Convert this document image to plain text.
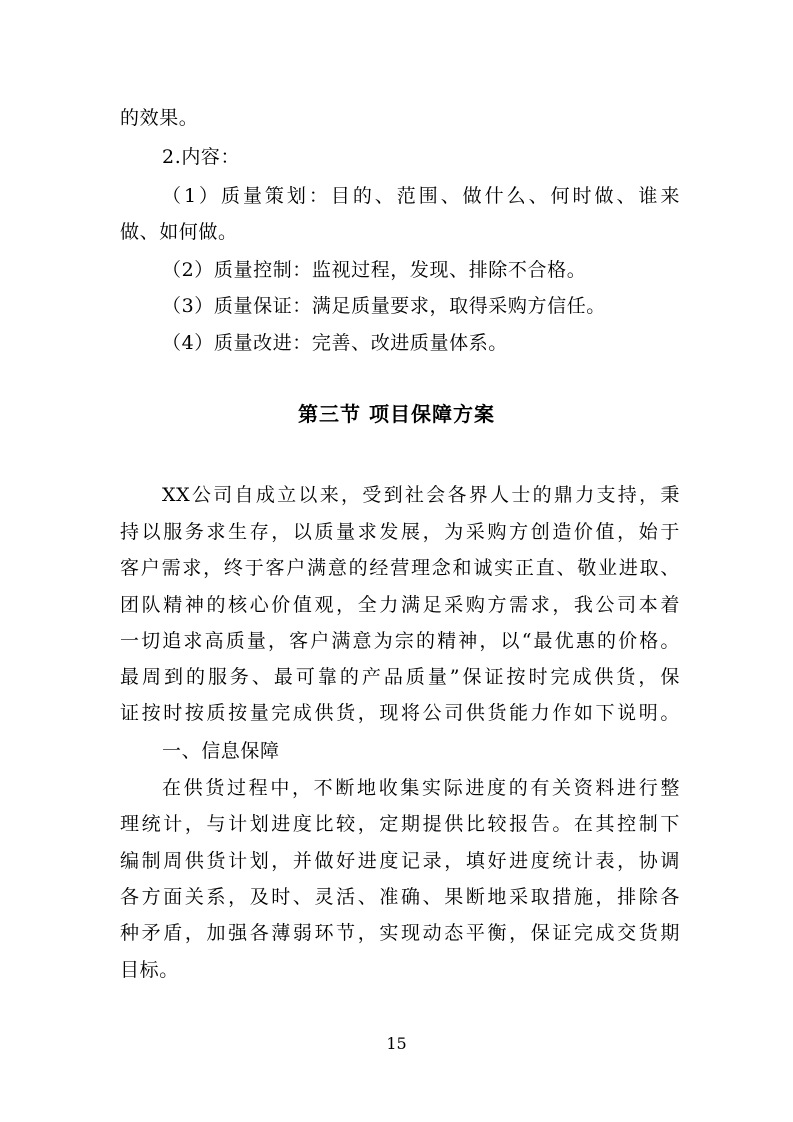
的效果。
2.内容：
（1）质量策划：目的、范围、做什么、何时做、谁来
做、如何做。
（2）质量控制：监视过程，发现、排除不合格。
（3）质量保证：满足质量要求，取得采购方信任。
（4）质量改进：完善、改进质量体系。
第三节 项目保障方案
XX公司自成立以来，受到社会各界人士的鼎力支持，秉
持以服务求生存，以质量求发展，为采购方创造价值，始于
客户需求，终于客户满意的经营理念和诚实正直、敬业进取、
团队精神的核心价值观，全力满足采购方需求，我公司本着
一切追求高质量，客户满意为宗的精神，以“最优惠的价格。
最周到的服务、最可靠的产品质量”保证按时完成供货，保
证按时按质按量完成供货，现将公司供货能力作如下说明。
一、信息保障
在供货过程中，不断地收集实际进度的有关资料进行整
理统计，与计划进度比较，定期提供比较报告。在其控制下
编制周供货计划，并做好进度记录，填好进度统计表，协调
各方面关系，及时、灵活、准确、果断地采取措施，排除各
种矛盾，加强各薄弱环节，实现动态平衡，保证完成交货期
目标。
15
